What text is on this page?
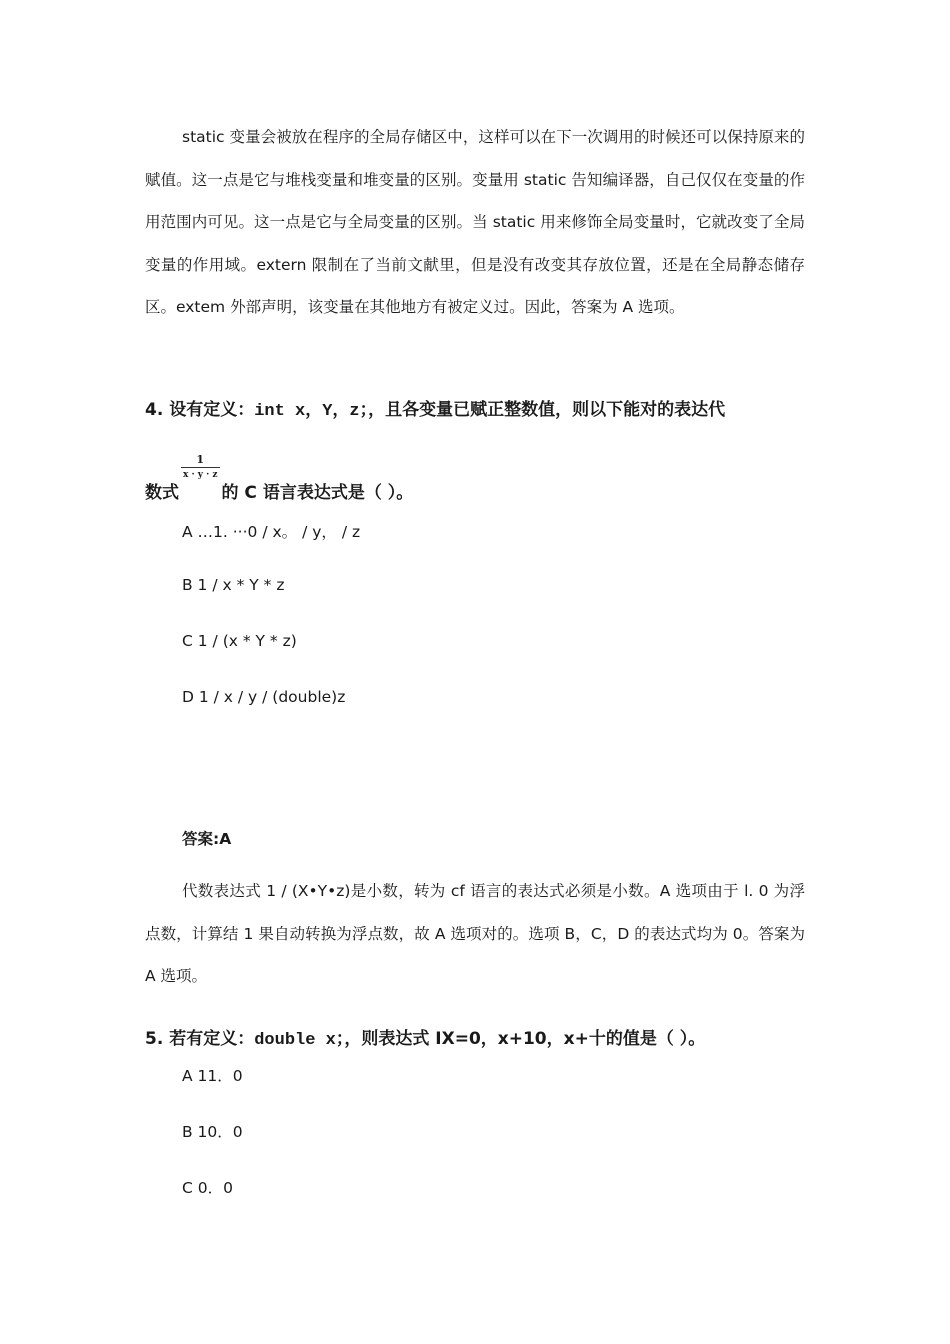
static 变量会被放在程序的全局存储区中，这样可以在下一次调用的时候还可以保持原来的赋值。这一点是它与堆栈变量和堆变量的区别。变量用 static 告知编译器，自己仅仅在变量的作用范围内可见。这一点是它与全局变量的区别。当 static 用来修饰全局变量时，它就改变了全局变量的作用域。extern 限制在了当前文献里，但是没有改变其存放位置，还是在全局静态储存区。extem 外部声明，该变量在其他地方有被定义过。因此，答案为 A 选项。

4. 设有定义：int x，Y，z；，且各变量已赋正整数值，则以下能对的表达代

数式
$\frac{1}{x \cdot y \cdot z}$
的 C 语言表达式是（ ）。

A …1. ···0 / x。 / y， / z

B 1 / x * Y * z

C 1 / (x * Y * z)

D 1 / x / y / (double)z

答案:A

代数表达式 1 / (X•Y•z)是小数，转为 cf 语言的表达式必须是小数。A 选项由于 l. 0 为浮点数，计算结 1 果自动转换为浮点数，故 A 选项对的。选项 B，C，D 的表达式均为 0。答案为 A 选项。

5. 若有定义：double x；，则表达式 IX=0，x+10，x+十的值是（ ）。

A 11．0

B 10．0

C 0．0
